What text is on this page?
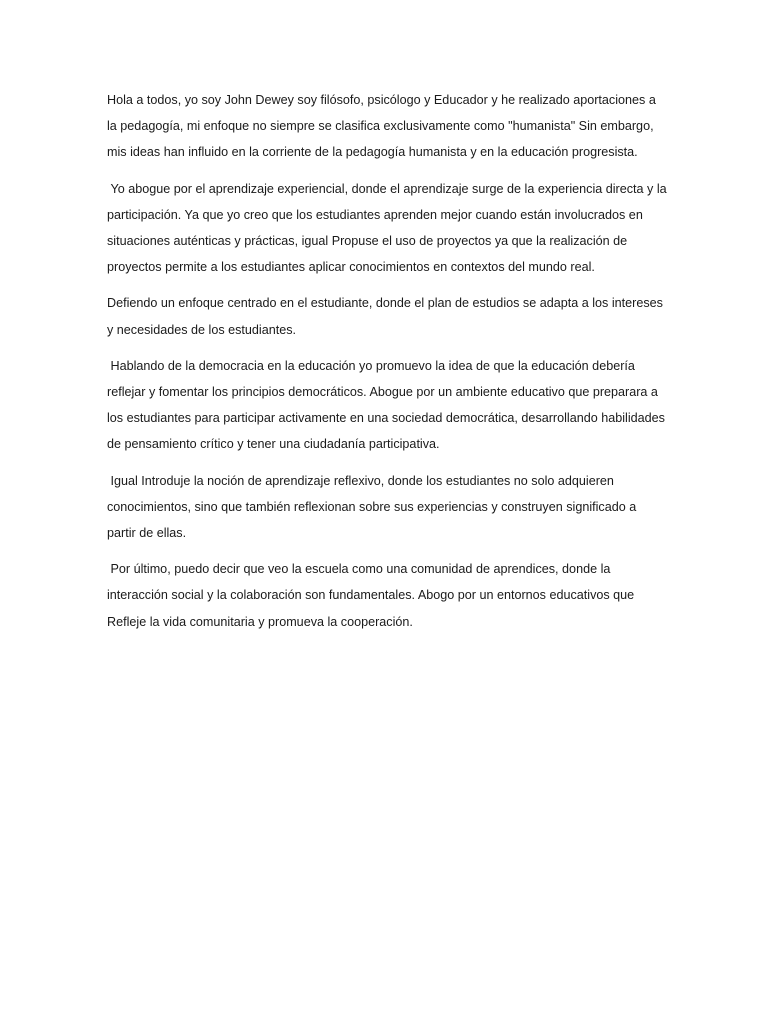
Hola a todos, yo soy John Dewey soy filósofo, psicólogo y Educador y he realizado aportaciones a la pedagogía, mi enfoque no siempre se clasifica exclusivamente como "humanista" Sin embargo, mis ideas han influido en la corriente de la pedagogía humanista y en la educación progresista.

Yo abogue por el aprendizaje experiencial, donde el aprendizaje surge de la experiencia directa y la participación. Ya que yo creo que los estudiantes aprenden mejor cuando están involucrados en situaciones auténticas y prácticas, igual Propuse el uso de proyectos ya que la realización de proyectos permite a los estudiantes aplicar conocimientos en contextos del mundo real.

Defiendo un enfoque centrado en el estudiante, donde el plan de estudios se adapta a los intereses y necesidades de los estudiantes.

Hablando de la democracia en la educación yo promuevo la idea de que la educación debería reflejar y fomentar los principios democráticos. Abogue por un ambiente educativo que preparara a los estudiantes para participar activamente en una sociedad democrática, desarrollando habilidades de pensamiento crítico y tener una ciudadanía participativa.

Igual Introduje la noción de aprendizaje reflexivo, donde los estudiantes no solo adquieren conocimientos, sino que también reflexionan sobre sus experiencias y construyen significado a partir de ellas.

Por último, puedo decir que veo la escuela como una comunidad de aprendices, donde la interacción social y la colaboración son fundamentales. Abogo por un entornos educativos que Refleje la vida comunitaria y promueva la cooperación.
